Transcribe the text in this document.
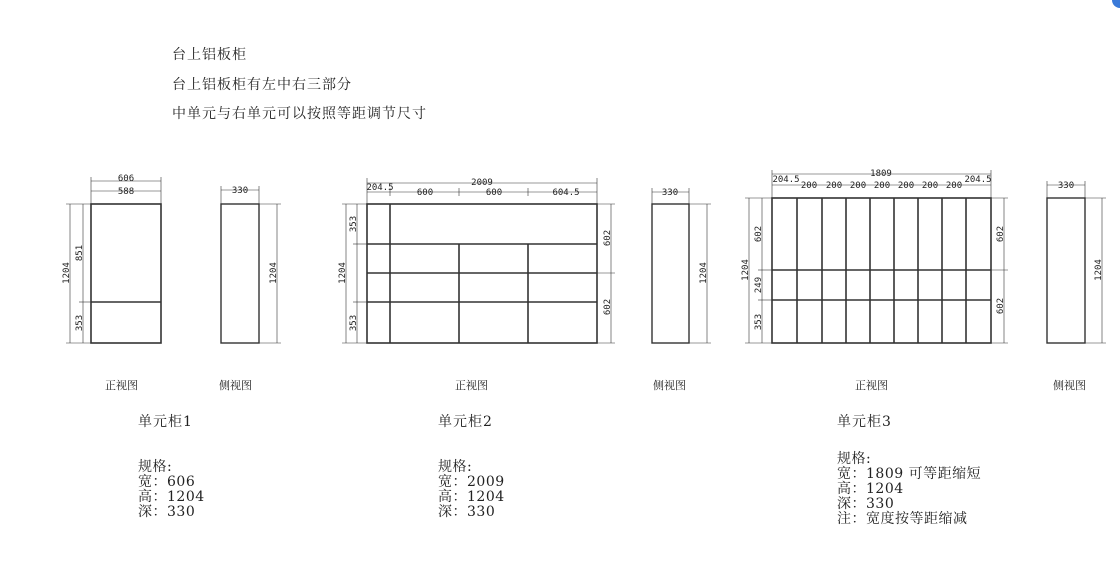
台上铝板柜
台上铝板柜有左中右三部分
中单元与右单元可以按照等距调节尺寸
606
588
1204
851
353
330
1204
2009
204.5	600	600	604.5
1204
353
353
602
602
330
1204
1809
204.5
200 200 200 200 200 200 200
204.5
1204
602
249
353
602
602
330
1204
正视图	侧视图	正视图	侧视图	正视图	侧视图
单元柜1	单元柜2	单元柜3
规格:
宽：606
高：1204
深：330
规格:
宽：2009
高：1204
深：330
规格:
宽：1809 可等距缩短
高：1204
深：330
注：宽度按等距缩减
